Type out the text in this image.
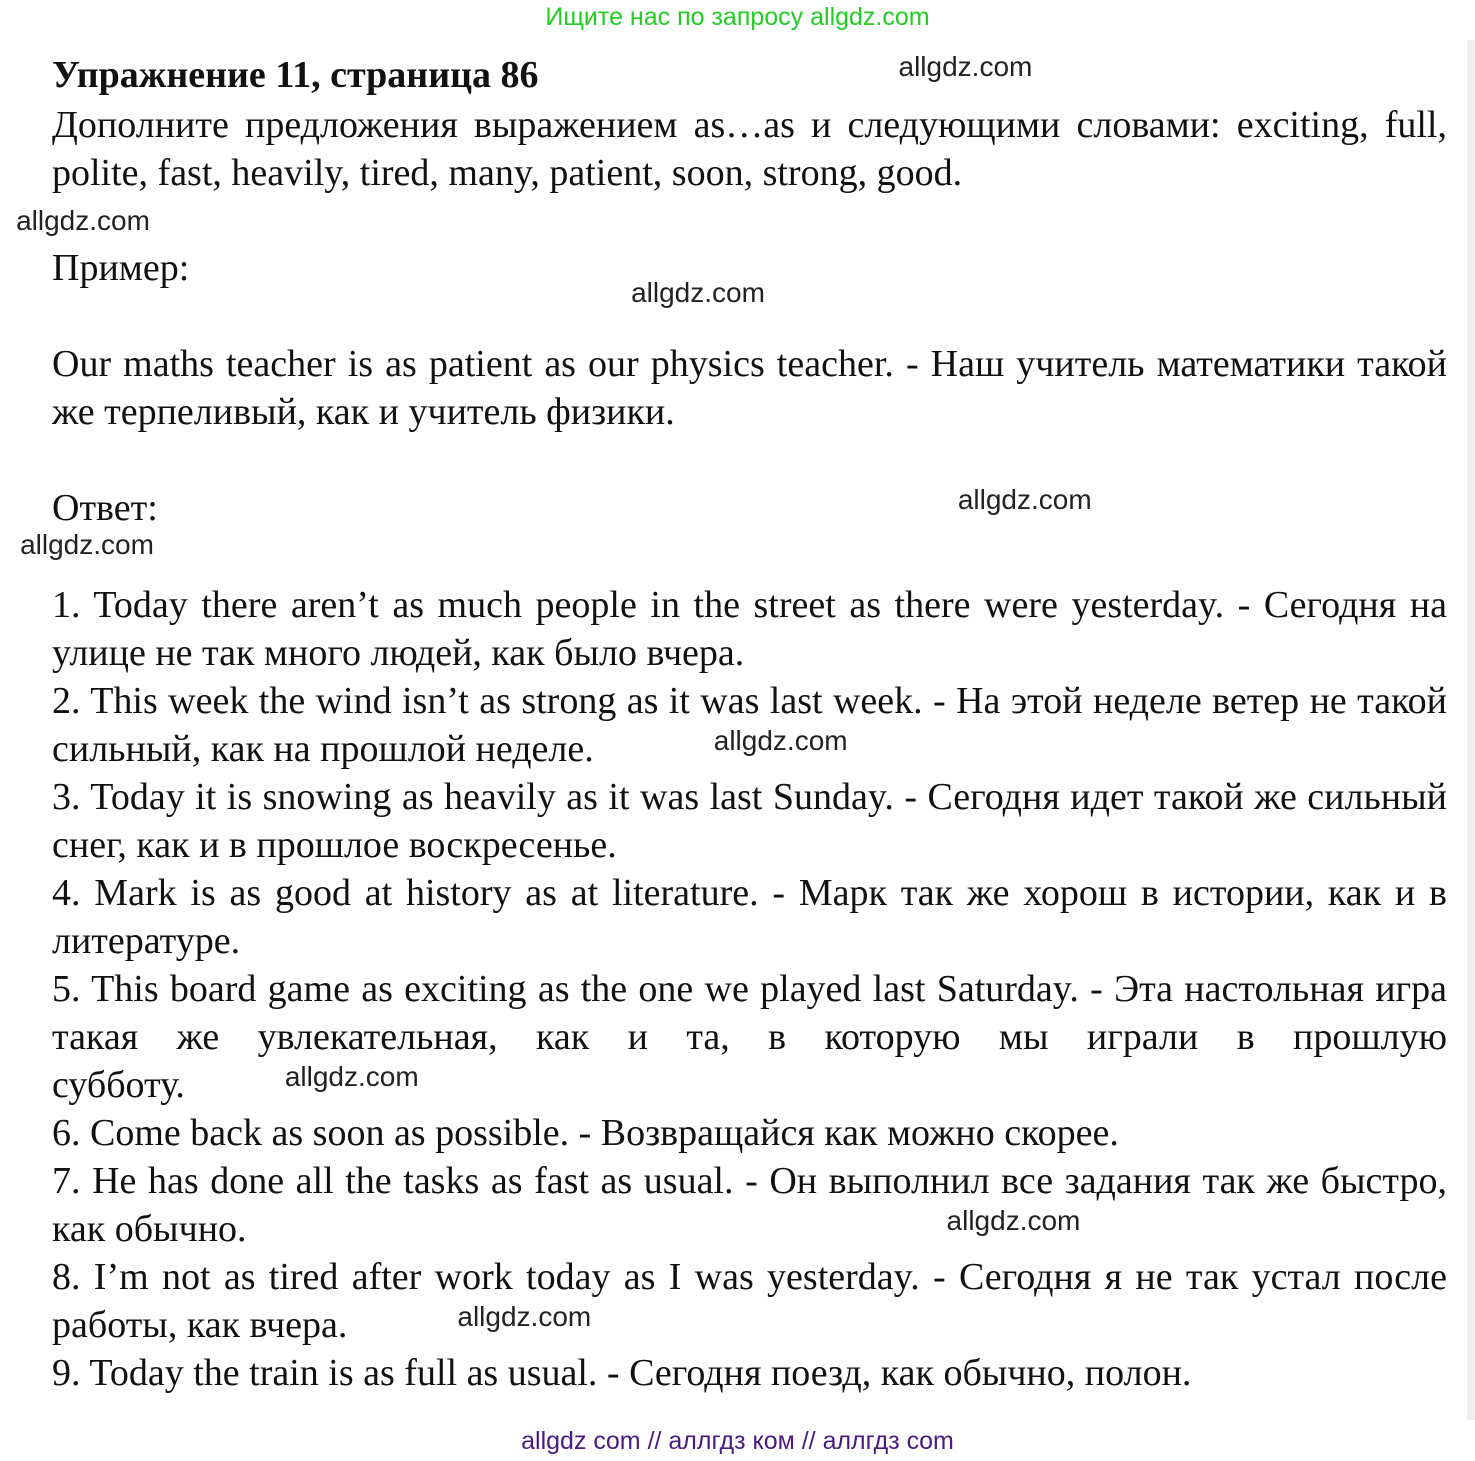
Ищите нас по запросу allgdz.com
Упражнение 11, страница 86	$^{allgdz.com}$
Дополните предложения выражением as…as и следующими словами: exciting, full, polite, fast, heavily, tired, many, patient, soon, strong, good.
Пример:
Our maths teacher is as patient as our physics teacher. - Наш учитель математики такой же терпеливый, как и учитель физики.
Ответ:	$^{allgdz.com}$

1. Today there aren’t as much people in the street as there were yesterday. - Сегодня на улице не так много людей, как было вчера.

2. This week the wind isn’t as strong as it was last week. - На этой неделе ветер не такой сильный, как на прошлой неделе.	$^{allgdz.com}$

3. Today it is snowing as heavily as it was last Sunday. - Сегодня идет такой же сильный снег, как и в прошлое воскресенье.

4. Mark is as good at history as at literature. - Марк так же хорош в истории, как и в литературе.

5. This board game as exciting as the one we played last Saturday. - Эта настольная игра такая же увлекательная, как и та, в которую мы играли в прошлую субботу.	$^{allgdz.com}$

6. Come back as soon as possible. - Возвращайся как можно скорее.

7. He has done all the tasks as fast as usual. - Он выполнил все задания так же быстро, как обычно.	$^{allgdz.com}$

8. I’m not as tired after work today as I was yesterday. - Сегодня я не так устал после работы, как вчера.	$^{allgdz.com}$

9. Today the train is as full as usual. - Сегодня поезд, как обычно, полон.

allgdz.com
allgdz.com
allgdz.com
allgdz com // аллгдз ком // аллгдз com
